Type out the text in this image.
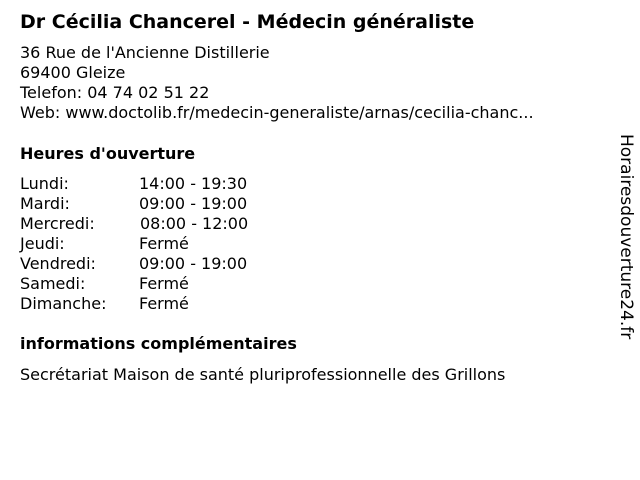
Dr Cécilia Chancerel - Médecin généraliste
36 Rue de l'Ancienne Distillerie
69400 Gleize
Telefon: 04 74 02 51 22
Web: www.doctolib.fr/medecin-generaliste/arnas/cecilia-chanc...
Heures d'ouverture
Lundi:	14:00 - 19:30
Mardi:	09:00 - 19:00
Mercredi:	08:00 - 12:00
Jeudi:	Fermé
Vendredi:	09:00 - 19:00
Samedi:	Fermé
Dimanche: Fermé
informations complémentaires
Secrétariat Maison de santé pluriprofessionnelle des Grillons
Horairesdouverture24.fr
